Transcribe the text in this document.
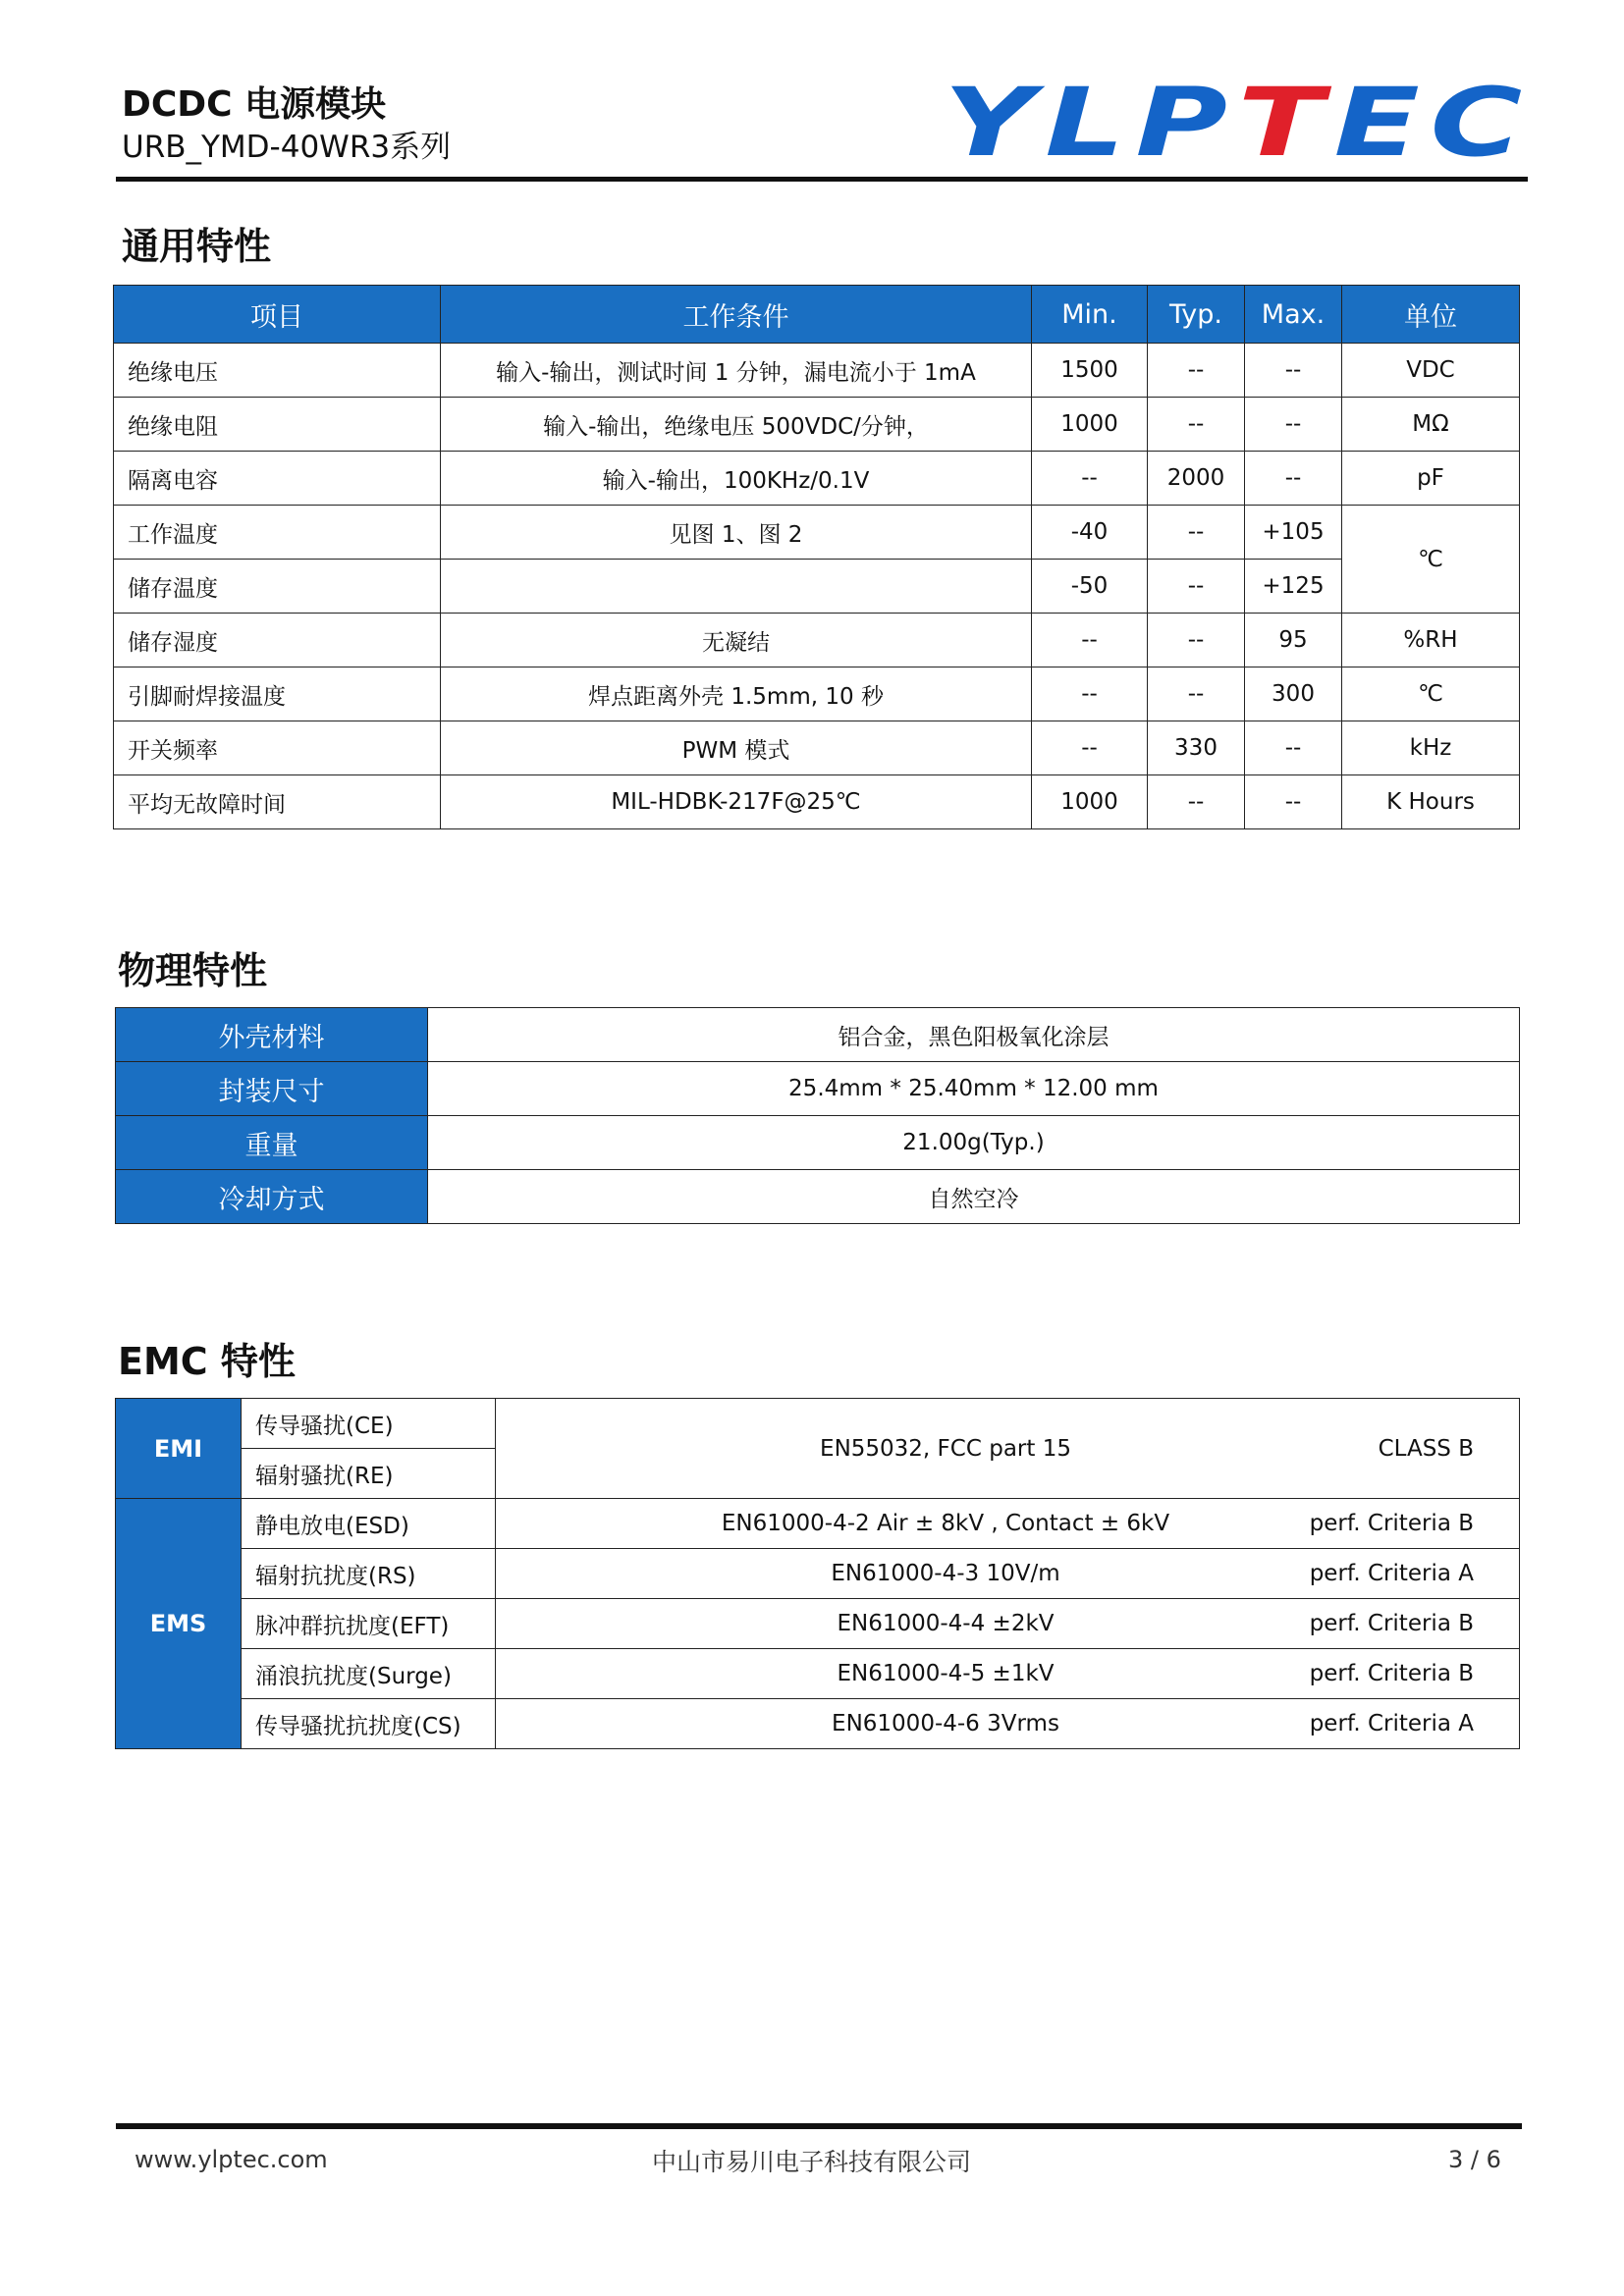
DCDC 电源模块
URB_YMD-40WR3系列	Y L P T E C
通用特性
项目	工作条件	Min.	Typ.	Max.	单位
绝缘电压	输入-输出，测试时间 1 分钟，漏电流小于 1mA	1500	--	--	VDC
绝缘电阻	输入-输出，绝缘电压 500VDC/分钟，	1000	--	--	MΩ
隔离电容	输入-输出，100KHz/0.1V	--	2000	--	pF
工作温度	见图 1、图 2	-40	--	+105	℃
储存温度		-50	--	+125	
储存湿度	无凝结	--	--	95	%RH
引脚耐焊接温度	焊点距离外壳 1.5mm, 10 秒	--	--	300	℃
开关频率	PWM 模式	--	330	--	kHz
平均无故障时间	MIL-HDBK-217F@25℃	1000	--	--	K Hours
物理特性
外壳材料	铝合金，黑色阳极氧化涂层
封装尺寸	25.4mm * 25.40mm * 12.00 mm
重量	21.00g(Typ.)
冷却方式	自然空冷
EMC 特性
EMI	传导骚扰(CE)	EN55032, FCC part 15 CLASS B

	辐射骚扰(RE)	
EMS	静电放电(ESD)	EN61000-4-2 Air ± 8kV , Contact ± 6kV perf. Criteria B

	辐射抗扰度(RS)	EN61000-4-3 10V/m perf. Criteria A

	脉冲群抗扰度(EFT)	EN61000-4-4 ±2kV perf. Criteria B

	涌浪抗扰度(Surge)	EN61000-4-5 ±1kV perf. Criteria B

	传导骚扰抗扰度(CS)	EN61000-4-6 3Vrms perf. Criteria A
www.ylptec.com	中山市易川电子科技有限公司	3 / 6
